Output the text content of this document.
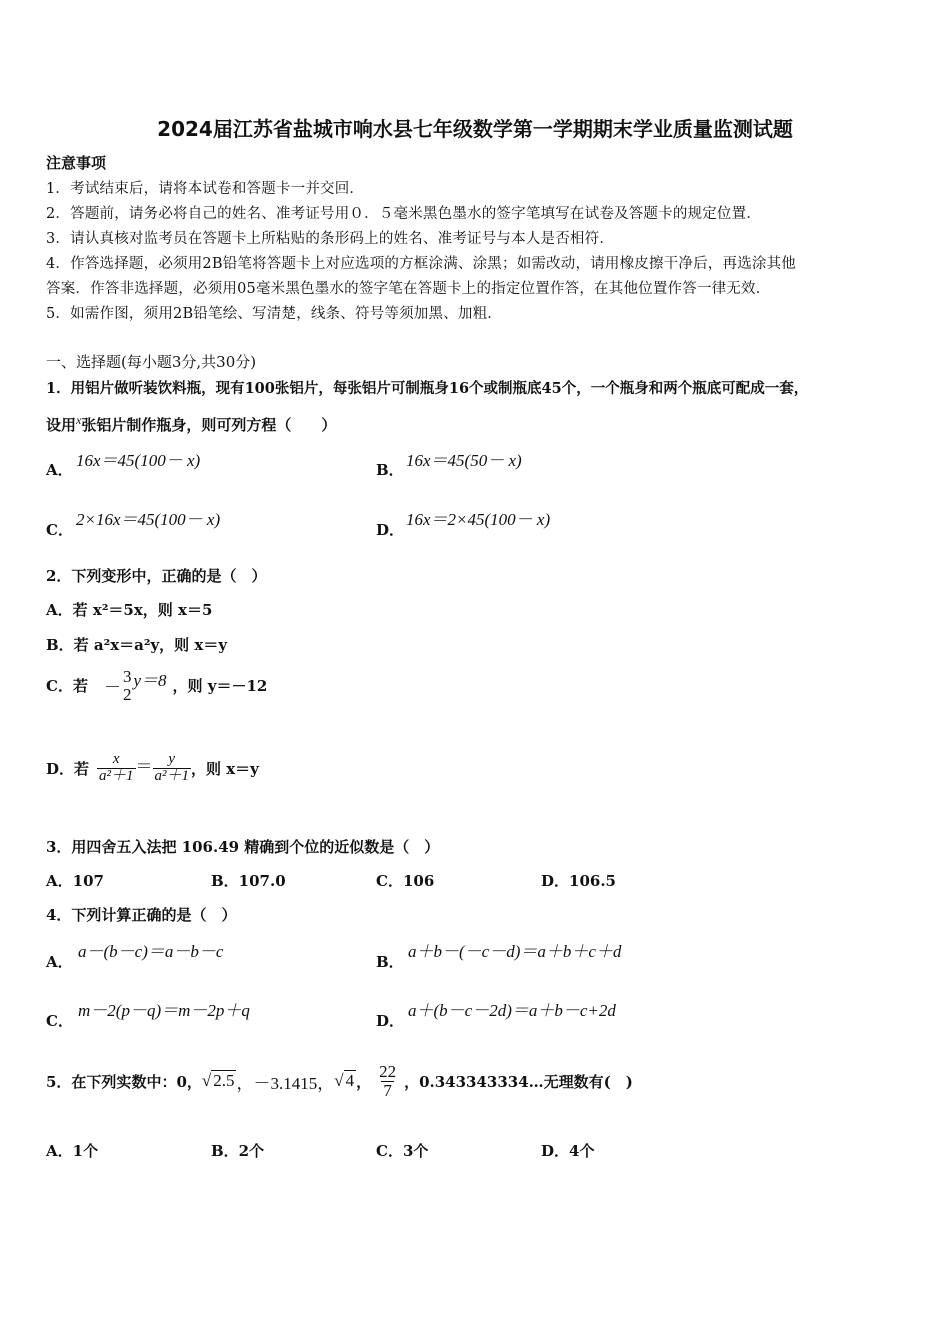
2024届江苏省盐城市响水县七年级数学第一学期期末学业质量监测试题
注意事项
1．考试结束后，请将本试卷和答题卡一并交回．
2．答题前，请务必将自己的姓名、准考证号用０．５毫米黑色墨水的签字笔填写在试卷及答题卡的规定位置．
3．请认真核对监考员在答题卡上所粘贴的条形码上的姓名、准考证号与本人是否相符．
4．作答选择题，必须用2B铅笔将答题卡上对应选项的方框涂满、涂黑；如需改动，请用橡皮擦干净后，再选涂其他
答案．作答非选择题，必须用05毫米黑色墨水的签字笔在答题卡上的指定位置作答，在其他位置作答一律无效．
5．如需作图，须用2B铅笔绘、写清楚，线条、符号等须加黑、加粗．
一、选择题(每小题3分,共30分)
1．用铝片做听装饮料瓶，现有100张铝片，每张铝片可制瓶身16个或制瓶底45个，一个瓶身和两个瓶底可配成一套，
设用$^x$张铝片制作瓶身，则可列方程（　　）
A． 16x＝45(100－ x)	B． 16x＝45(50－ x)
C．
2×16x＝45(100－ x)
D．
16x＝2×45(100－ x)
2．下列变形中，正确的是（　）
A．若 x²＝5x，则 x＝5
B．若 a²x＝a²y，则 x＝y
C．若 －
3
2
y＝8 ，则 y＝－12
D．若 $\frac{x}{\text{a²＋1}} = \frac{y}{\text{a²＋1}}$ ，则 x＝y
3．用四舍五入法把 106.49 精确到个位的近似数是（　）
A．107	B．107.0	C．106	D．106.5
4．下列计算正确的是（　）
A．
a－(b－c)＝a－b－c
B．
a＋b－(－c－d)＝a＋b＋c＋d
C．
m－2(p－q)＝m－2p＋q
D．
a＋(b－c－2d)＝a＋b－c+2d
5．在下列实数中：0， √ 2.5 ，－3.1415， √ 4 ， $\frac{22}{7}$ ，0.343343334…无理数有(　)
A．1个	B．2个	C．3个	D．4个
